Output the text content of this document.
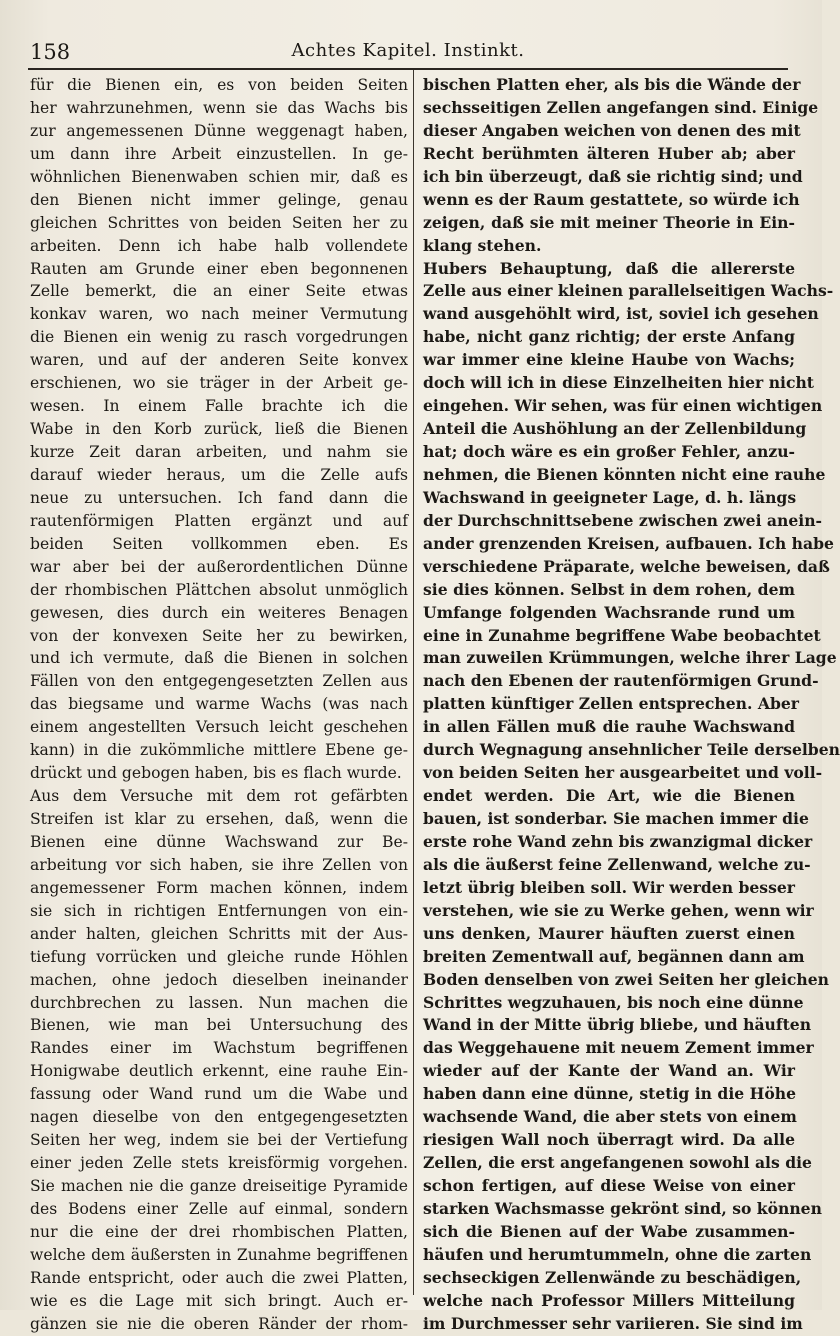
158	Achtes Kapitel. Instinkt.
für die Bienen ein, es von beiden Seiten
her wahrzunehmen, wenn sie das Wachs bis
zur angemessenen Dünne weggenagt haben,
um dann ihre Arbeit einzustellen. In ge-
wöhnlichen Bienenwaben schien mir, daß es
den Bienen nicht immer gelinge, genau
gleichen Schrittes von beiden Seiten her zu
arbeiten. Denn ich habe halb vollendete
Rauten am Grunde einer eben begonnenen
Zelle bemerkt, die an einer Seite etwas
konkav waren, wo nach meiner Vermutung
die Bienen ein wenig zu rasch vorgedrungen
waren, und auf der anderen Seite konvex
erschienen, wo sie träger in der Arbeit ge-
wesen. In einem Falle brachte ich die
Wabe in den Korb zurück, ließ die Bienen
kurze Zeit daran arbeiten, und nahm sie
darauf wieder heraus, um die Zelle aufs
neue zu untersuchen. Ich fand dann die
rautenförmigen Platten ergänzt und auf
beiden Seiten vollkommen eben. Es
war aber bei der außerordentlichen Dünne
der rhombischen Plättchen absolut unmöglich
gewesen, dies durch ein weiteres Benagen
von der konvexen Seite her zu bewirken,
und ich vermute, daß die Bienen in solchen
Fällen von den entgegengesetzten Zellen aus
das biegsame und warme Wachs (was nach
einem angestellten Versuch leicht geschehen
kann) in die zukömmliche mittlere Ebene ge-
drückt und gebogen haben, bis es flach wurde.
Aus dem Versuche mit dem rot gefärbten
Streifen ist klar zu ersehen, daß, wenn die
Bienen eine dünne Wachswand zur Be-
arbeitung vor sich haben, sie ihre Zellen von
angemessener Form machen können, indem
sie sich in richtigen Entfernungen von ein-
ander halten, gleichen Schritts mit der Aus-
tiefung vorrücken und gleiche runde Höhlen
machen, ohne jedoch dieselben ineinander
durchbrechen zu lassen. Nun machen die
Bienen, wie man bei Untersuchung des
Randes einer im Wachstum begriffenen
Honigwabe deutlich erkennt, eine rauhe Ein-
fassung oder Wand rund um die Wabe und
nagen dieselbe von den entgegengesetzten
Seiten her weg, indem sie bei der Vertiefung
einer jeden Zelle stets kreisförmig vorgehen.
Sie machen nie die ganze dreiseitige Pyramide
des Bodens einer Zelle auf einmal, sondern
nur die eine der drei rhombischen Platten,
welche dem äußersten in Zunahme begriffenen
Rande entspricht, oder auch die zwei Platten,
wie es die Lage mit sich bringt. Auch er-
gänzen sie nie die oberen Ränder der rhom-
bischen Platten eher, als bis die Wände der
sechsseitigen Zellen angefangen sind. Einige
dieser Angaben weichen von denen des mit
Recht berühmten älteren Huber ab; aber
ich bin überzeugt, daß sie richtig sind; und
wenn es der Raum gestattete, so würde ich
zeigen, daß sie mit meiner Theorie in Ein-
klang stehen.
Hubers Behauptung, daß die allererste
Zelle aus einer kleinen parallelseitigen Wachs-
wand ausgehöhlt wird, ist, soviel ich gesehen
habe, nicht ganz richtig; der erste Anfang
war immer eine kleine Haube von Wachs;
doch will ich in diese Einzelheiten hier nicht
eingehen. Wir sehen, was für einen wichtigen
Anteil die Aushöhlung an der Zellenbildung
hat; doch wäre es ein großer Fehler, anzu-
nehmen, die Bienen könnten nicht eine rauhe
Wachswand in geeigneter Lage, d. h. längs
der Durchschnittsebene zwischen zwei anein-
ander grenzenden Kreisen, aufbauen. Ich habe
verschiedene Präparate, welche beweisen, daß
sie dies können. Selbst in dem rohen, dem
Umfange folgenden Wachsrande rund um
eine in Zunahme begriffene Wabe beobachtet
man zuweilen Krümmungen, welche ihrer Lage
nach den Ebenen der rautenförmigen Grund-
platten künftiger Zellen entsprechen. Aber
in allen Fällen muß die rauhe Wachswand
durch Wegnagung ansehnlicher Teile derselben
von beiden Seiten her ausgearbeitet und voll-
endet werden. Die Art, wie die Bienen
bauen, ist sonderbar. Sie machen immer die
erste rohe Wand zehn bis zwanzigmal dicker
als die äußerst feine Zellenwand, welche zu-
letzt übrig bleiben soll. Wir werden besser
verstehen, wie sie zu Werke gehen, wenn wir
uns denken, Maurer häuften zuerst einen
breiten Zementwall auf, begännen dann am
Boden denselben von zwei Seiten her gleichen
Schrittes wegzuhauen, bis noch eine dünne
Wand in der Mitte übrig bliebe, und häuften
das Weggehauene mit neuem Zement immer
wieder auf der Kante der Wand an. Wir
haben dann eine dünne, stetig in die Höhe
wachsende Wand, die aber stets von einem
riesigen Wall noch überragt wird. Da alle
Zellen, die erst angefangenen sowohl als die
schon fertigen, auf diese Weise von einer
starken Wachsmasse gekrönt sind, so können
sich die Bienen auf der Wabe zusammen-
häufen und herumtummeln, ohne die zarten
sechseckigen Zellenwände zu beschädigen,
welche nach Professor Millers Mitteilung
im Durchmesser sehr variieren. Sie sind im
